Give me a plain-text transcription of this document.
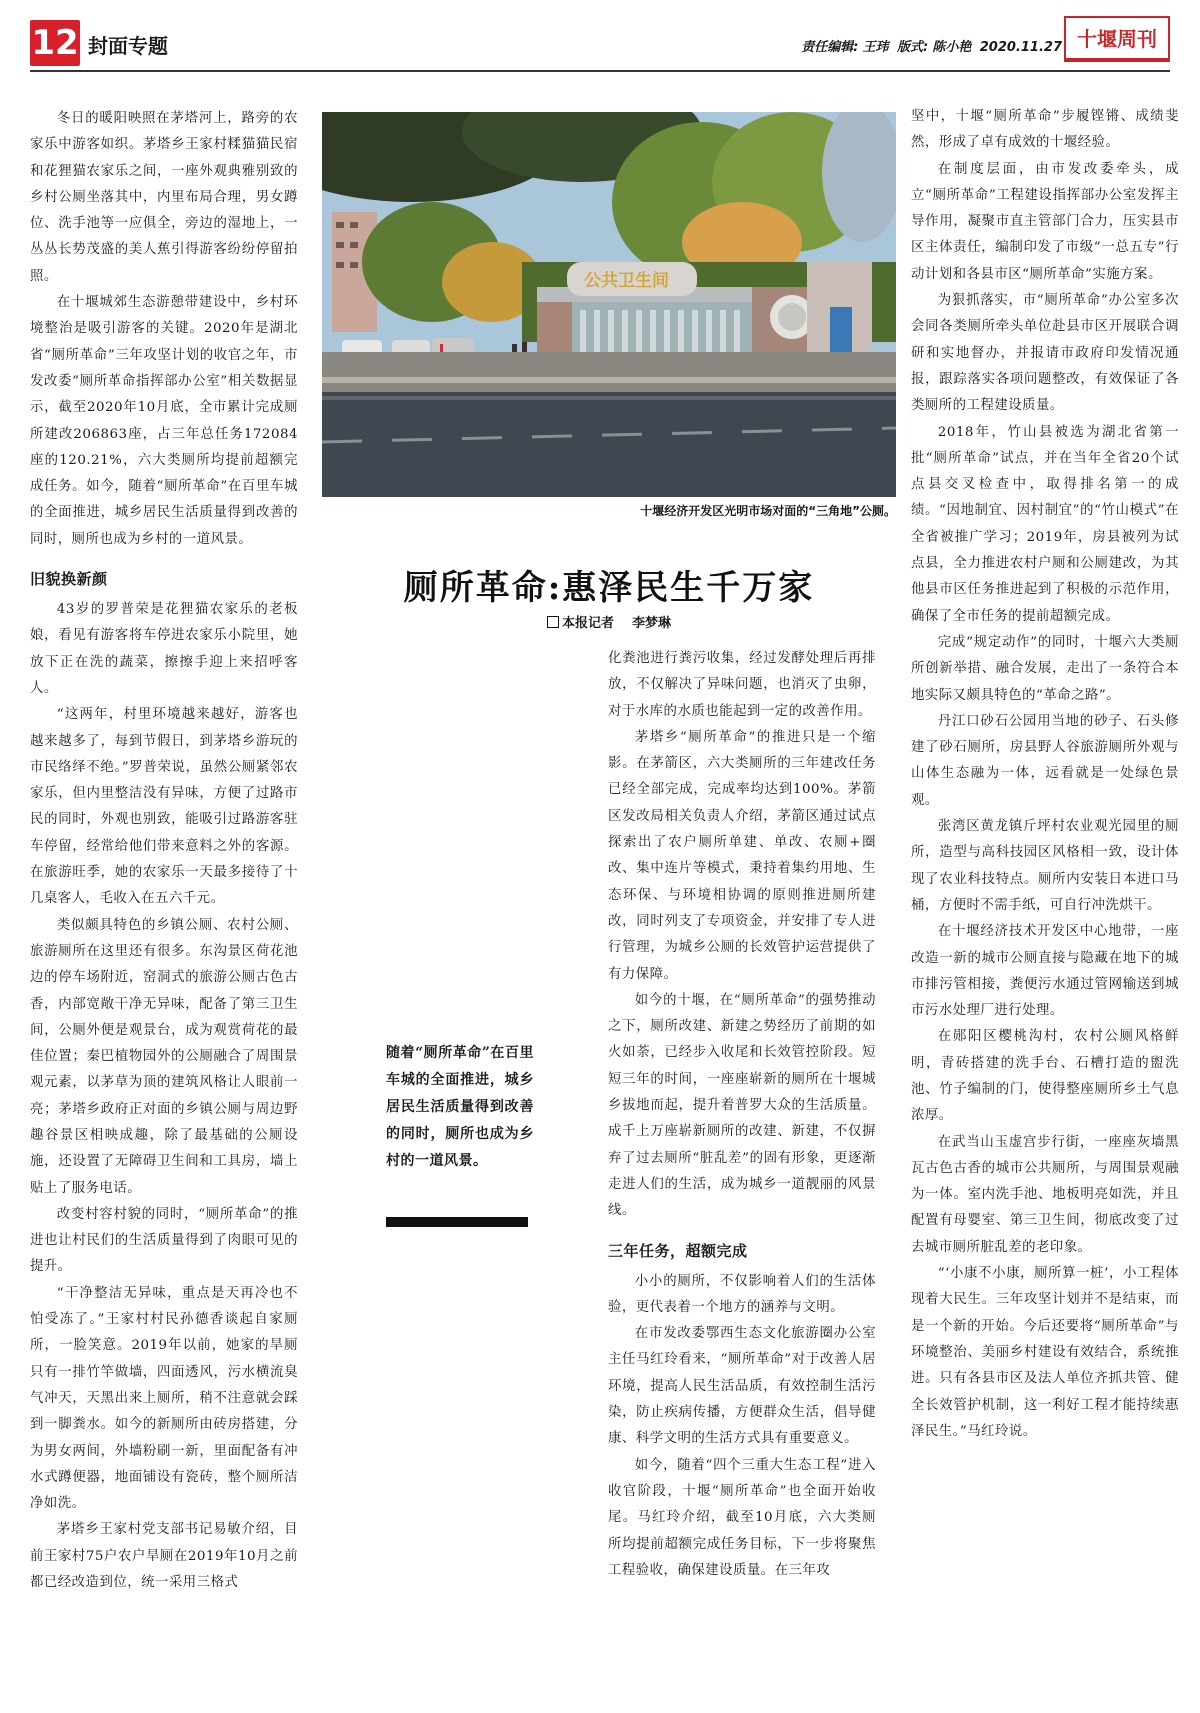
12 封面专题	责任编辑: 王玮 版式: 陈小艳 2020.11.27 十堰周刊
公共卫生间
十堰经济开发区光明市场对面的“三角地”公厕。
厕所革命:惠泽民生千万家
本报记者 李梦琳

冬日的暖阳映照在茅塔河上，路旁的农家乐中游客如织。茅塔乡王家村糅猫猫民宿和花狸猫农家乐之间，一座外观典雅别致的乡村公厕坐落其中，内里布局合理，男女蹲位、洗手池等一应俱全，旁边的湿地上，一丛丛长势茂盛的美人蕉引得游客纷纷停留拍照。

在十堰城郊生态游憩带建设中，乡村环境整治是吸引游客的关键。2020年是湖北省“厕所革命”三年攻坚计划的收官之年，市发改委“厕所革命指挥部办公室”相关数据显示，截至2020年10月底，全市累计完成厕所建改206863座，占三年总任务172084座的120.21%，六大类厕所均提前超额完成任务。如今，随着“厕所革命”在百里车城的全面推进，城乡居民生活质量得到改善的同时，厕所也成为乡村的一道风景。

旧貌换新颜

43岁的罗普荣是花狸猫农家乐的老板娘，看见有游客将车停进农家乐小院里，她放下正在洗的蔬菜，擦擦手迎上来招呼客人。

“这两年，村里环境越来越好，游客也越来越多了，每到节假日，到茅塔乡游玩的市民络绎不绝。”罗普荣说，虽然公厕紧邻农家乐，但内里整洁没有异味，方便了过路市民的同时，外观也别致，能吸引过路游客驻车停留，经常给他们带来意料之外的客源。在旅游旺季，她的农家乐一天最多接待了十几桌客人，毛收入在五六千元。

类似颇具特色的乡镇公厕、农村公厕、旅游厕所在这里还有很多。东沟景区荷花池边的停车场附近，窑洞式的旅游公厕古色古香，内部宽敞干净无异味，配备了第三卫生间，公厕外便是观景台，成为观赏荷花的最佳位置；秦巴植物园外的公厕融合了周围景观元素，以茅草为顶的建筑风格让人眼前一亮；茅塔乡政府正对面的乡镇公厕与周边野趣谷景区相映成趣，除了最基础的公厕设施，还设置了无障碍卫生间和工具房，墙上贴上了服务电话。

改变村容村貌的同时，“厕所革命”的推进也让村民们的生活质量得到了肉眼可见的提升。

“干净整洁无异味，重点是天再冷也不怕受冻了。”王家村村民孙德香谈起自家厕所，一脸笑意。2019年以前，她家的旱厕只有一排竹竿做墙，四面透风，污水横流臭气冲天，天黑出来上厕所，稍不注意就会踩到一脚粪水。如今的新厕所由砖房搭建，分为男女两间，外墙粉刷一新，里面配备有冲水式蹲便器，地面铺设有瓷砖，整个厕所洁净如洗。

茅塔乡王家村党支部书记易敏介绍，目前王家村75户农户旱厕在2019年10月之前都已经改造到位，统一采用三格式

化粪池进行粪污收集，经过发酵处理后再排放，不仅解决了异味问题，也消灭了虫卵，对于水库的水质也能起到一定的改善作用。

茅塔乡“厕所革命”的推进只是一个缩影。在茅箭区，六大类厕所的三年建改任务已经全部完成，完成率均达到100%。茅箭区发改局相关负责人介绍，茅箭区通过试点探索出了农户厕所单建、单改、农厕+圈改、集中连片等模式，秉持着集约用地、生态环保、与环境相协调的原则推进厕所建改，同时列支了专项资金，并安排了专人进行管理，为城乡公厕的长效管护运营提供了有力保障。

如今的十堰，在“厕所革命”的强势推动之下，厕所改建、新建之势经历了前期的如火如荼，已经步入收尾和长效管控阶段。短短三年的时间，一座座崭新的厕所在十堰城乡拔地而起，提升着普罗大众的生活质量。成千上万座崭新厕所的改建、新建，不仅摒弃了过去厕所“脏乱差”的固有形象，更逐渐走进人们的生活，成为城乡一道靓丽的风景线。

三年任务，超额完成

小小的厕所，不仅影响着人们的生活体验，更代表着一个地方的涵养与文明。

在市发改委鄂西生态文化旅游圈办公室主任马红玲看来，“厕所革命”对于改善人居环境，提高人民生活品质，有效控制生活污染，防止疾病传播，方便群众生活，倡导健康、科学文明的生活方式具有重要意义。

如今，随着“四个三重大生态工程”进入收官阶段，十堰“厕所革命”也全面开始收尾。马红玲介绍，截至10月底，六大类厕所均提前超额完成任务目标，下一步将聚焦工程验收，确保建设质量。在三年攻

坚中，十堰“厕所革命”步履铿锵、成绩斐然，形成了卓有成效的十堰经验。

在制度层面，由市发改委牵头，成立“厕所革命”工程建设指挥部办公室发挥主导作用，凝聚市直主管部门合力，压实县市区主体责任，编制印发了市级“一总五专”行动计划和各县市区“厕所革命”实施方案。

为狠抓落实，市“厕所革命”办公室多次会同各类厕所牵头单位赴县市区开展联合调研和实地督办，并报请市政府印发情况通报，跟踪落实各项问题整改，有效保证了各类厕所的工程建设质量。

2018年，竹山县被选为湖北省第一批“厕所革命”试点，并在当年全省20个试点县交叉检查中，取得排名第一的成绩。“因地制宜、因村制宜”的“竹山模式”在全省被推广学习；2019年，房县被列为试点县，全力推进农村户厕和公厕建改，为其他县市区任务推进起到了积极的示范作用，确保了全市任务的提前超额完成。

完成“规定动作”的同时，十堰六大类厕所创新举措、融合发展，走出了一条符合本地实际又颇具特色的“革命之路”。

丹江口砂石公园用当地的砂子、石头修建了砂石厕所，房县野人谷旅游厕所外观与山体生态融为一体，远看就是一处绿色景观。

张湾区黄龙镇斤坪村农业观光园里的厕所，造型与高科技园区风格相一致，设计体现了农业科技特点。厕所内安装日本进口马桶，方便时不需手纸，可自行冲洗烘干。

在十堰经济技术开发区中心地带，一座改造一新的城市公厕直接与隐藏在地下的城市排污管相接，粪便污水通过管网输送到城市污水处理厂进行处理。

在郧阳区樱桃沟村，农村公厕风格鲜明，青砖搭建的洗手台、石槽打造的盥洗池、竹子编制的门，使得整座厕所乡土气息浓厚。

在武当山玉虚宫步行街，一座座灰墙黑瓦古色古香的城市公共厕所，与周围景观融为一体。室内洗手池、地板明亮如洗，并且配置有母婴室、第三卫生间，彻底改变了过去城市厕所脏乱差的老印象。

“‘小康不小康，厕所算一桩’，小工程体现着大民生。三年攻坚计划并不是结束，而是一个新的开始。今后还要将“厕所革命”与环境整治、美丽乡村建设有效结合，系统推进。只有各县市区及法人单位齐抓共管、健全长效管护机制，这一利好工程才能持续惠泽民生。”马红玲说。

随着“厕所革命”在百里车城的全面推进，城乡居民生活质量得到改善的同时，厕所也成为乡村的一道风景。
